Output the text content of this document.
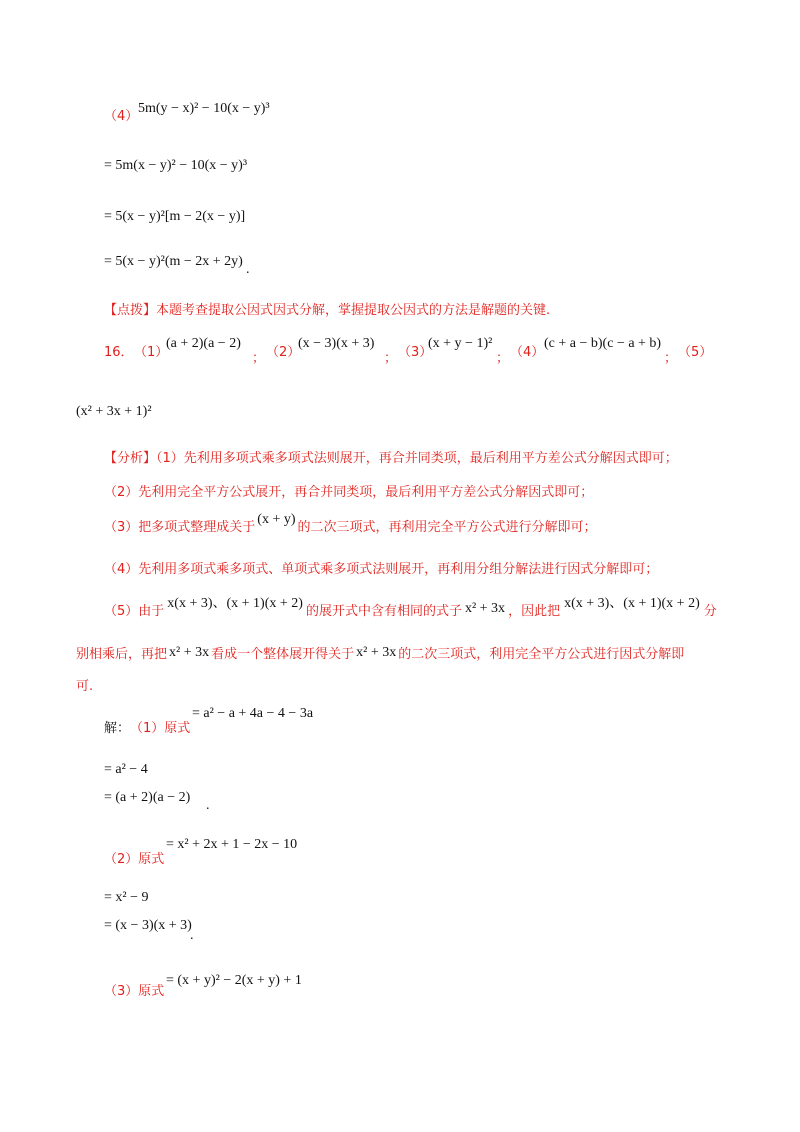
（4）
5m(y − x)² − 10(x − y)³
= 5m(x − y)² − 10(x − y)³
= 5(x − y)²[m − 2(x − y)]
= 5(x − y)²(m − 2x + 2y)
.
【点拨】本题考查提取公因式因式分解，掌握提取公因式的方法是解题的关键.
16． （1）
(a + 2)(a − 2)
； （2）
(x − 3)(x + 3)
； （3）
(x + y − 1)²
； （4）
(c + a − b)(c − a + b)
； （5）
(x² + 3x + 1)²
【分析】（1）先利用多项式乘多项式法则展开，再合并同类项，最后利用平方差公式分解因式即可；
（2）先利用完全平方公式展开，再合并同类项，最后利用平方差公式分解因式即可；
（3）把多项式整理成关于(x + y)的二次三项式，再利用完全平方公式进行分解即可；
（4）先利用多项式乘多项式、单项式乘多项式法则展开，再利用分组分解法进行因式分解即可；
（5）由于x(x + 3)、(x + 1)(x + 2)的展开式中含有相同的式子 x² + 3x ，因此把x(x + 3)、(x + 1)(x + 2)分
别相乘后，再把 x² + 3x 看成一个整体展开得关于 x² + 3x 的二次三项式，利用完全平方公式进行因式分解即
可.
解： （1）原式
= a² − a + 4a − 4 − 3a
= a² − 4
= (a + 2)(a − 2)
.
（2）原式
= x² + 2x + 1 − 2x − 10
= x² − 9
= (x − 3)(x + 3)
.
（3）原式
= (x + y)² − 2(x + y) + 1
